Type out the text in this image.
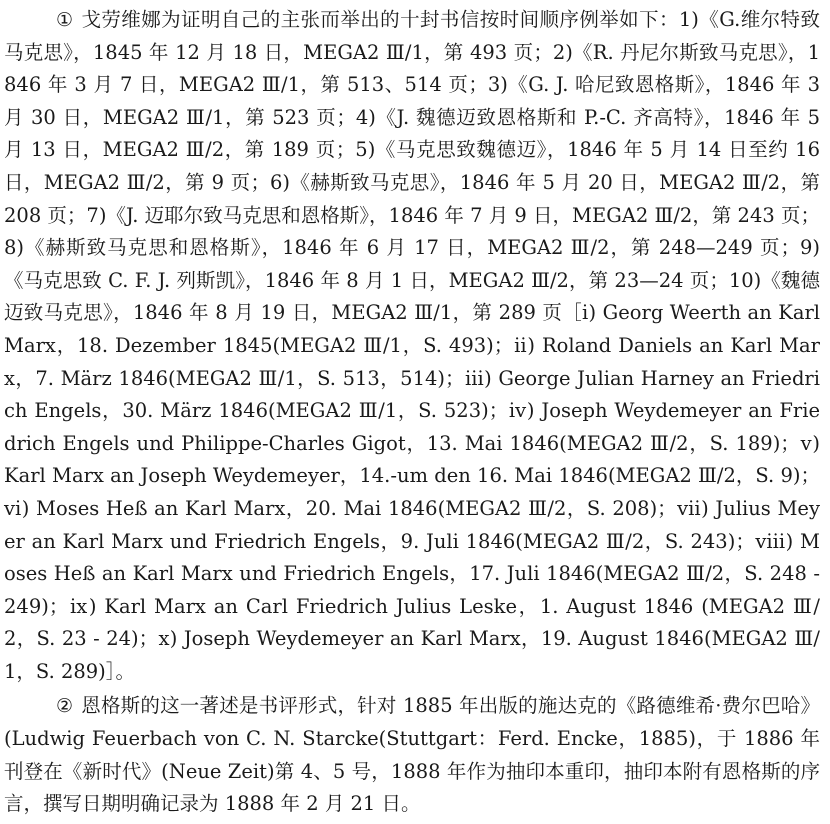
① 戈劳维娜为证明自己的主张而举出的十封书信按时间顺序例举如下：1)《G.维尔特致马克思》，1845 年 12 月 18 日，MEGA2 Ⅲ/1，第 493 页；2)《R. 丹尼尔斯致马克思》，1846 年 3 月 7 日，MEGA2 Ⅲ/1，第 513、514 页；3)《G. J. 哈尼致恩格斯》，1846 年 3 月 30 日，MEGA2 Ⅲ/1，第 523 页；4)《J. 魏德迈致恩格斯和 P.-C. 齐高特》，1846 年 5 月 13 日，MEGA2 Ⅲ/2，第 189 页；5)《马克思致魏德迈》，1846 年 5 月 14 日至约 16 日，MEGA2 Ⅲ/2，第 9 页；6)《赫斯致马克思》，1846 年 5 月 20 日，MEGA2 Ⅲ/2，第 208 页；7)《J. 迈耶尔致马克思和恩格斯》，1846 年 7 月 9 日，MEGA2 Ⅲ/2，第 243 页；8)《赫斯致马克思和恩格斯》，1846 年 6 月 17 日，MEGA2 Ⅲ/2，第 248—249 页；9)《马克思致 C. F. J. 列斯凯》，1846 年 8 月 1 日，MEGA2 Ⅲ/2，第 23—24 页；10)《魏德迈致马克思》，1846 年 8 月 19 日，MEGA2 Ⅲ/1，第 289 页［ⅰ) Georg Weerth an Karl Marx，18. Dezember 1845(MEGA2 Ⅲ/1，S. 493)；ⅱ) Roland Daniels an Karl Marx，7. März 1846(MEGA2 Ⅲ/1，S. 513，514)；ⅲ) George Julian Harney an Friedrich Engels，30. März 1846(MEGA2 Ⅲ/1，S. 523)；ⅳ) Joseph Weydemeyer an Friedrich Engels und Philippe-Charles Gigot，13. Mai 1846(MEGA2 Ⅲ/2，S. 189)；ⅴ) Karl Marx an Joseph Weydemeyer，14.-um den 16. Mai 1846(MEGA2 Ⅲ/2，S. 9)；ⅵ) Moses Heß an Karl Marx，20. Mai 1846(MEGA2 Ⅲ/2，S. 208)；ⅶ) Julius Meyer an Karl Marx und Friedrich Engels，9. Juli 1846(MEGA2 Ⅲ/2，S. 243)；ⅷ) Moses Heß an Karl Marx und Friedrich Engels，17. Juli 1846(MEGA2 Ⅲ/2，S. 248 - 249)；ⅸ) Karl Marx an Carl Friedrich Julius Leske，1. August 1846 (MEGA2 Ⅲ/2，S. 23 - 24)；ⅹ) Joseph Weydemeyer an Karl Marx，19. August 1846(MEGA2 Ⅲ/1，S. 289)］。

② 恩格斯的这一著述是书评形式，针对 1885 年出版的施达克的《路德维希·费尔巴哈》(Ludwig Feuerbach von C. N. Starcke(Stuttgart：Ferd. Encke，1885)，于 1886 年刊登在《新时代》(Neue Zeit)第 4、5 号，1888 年作为抽印本重印，抽印本附有恩格斯的序言，撰写日期明确记录为 1888 年 2 月 21 日。
